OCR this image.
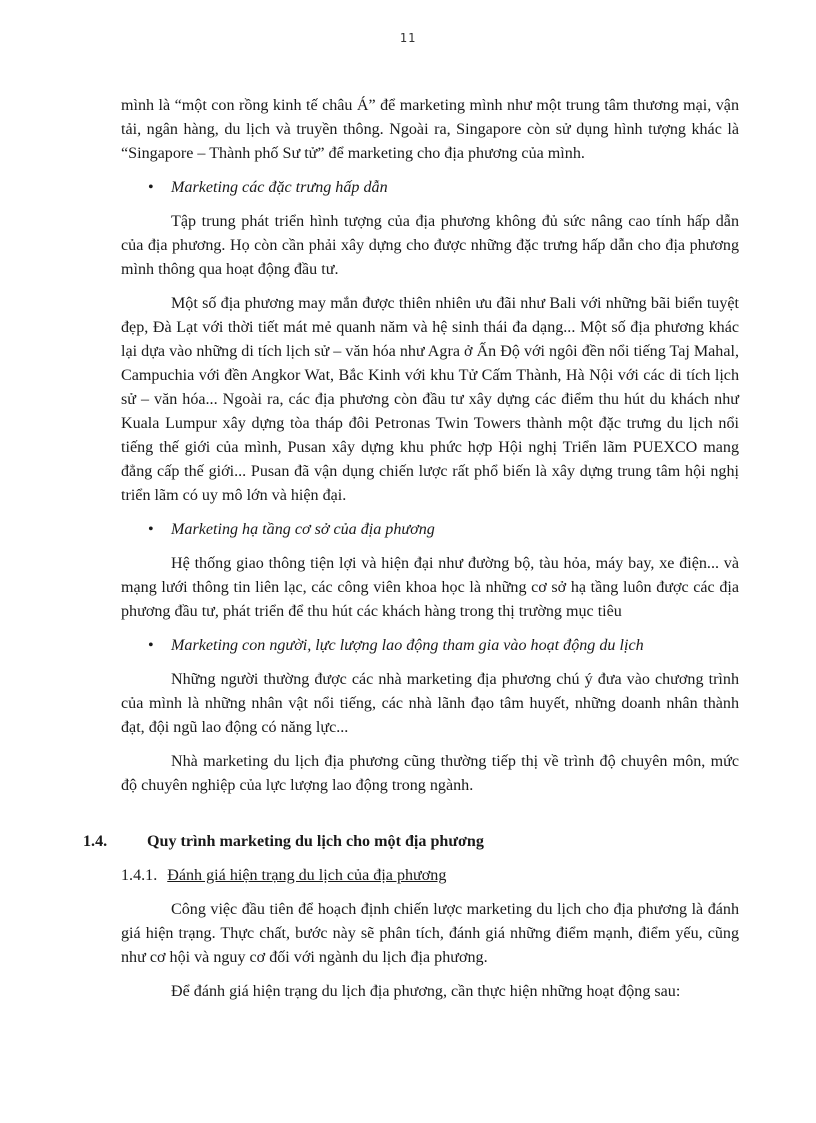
11

mình là “một con rồng kinh tế châu Á” để marketing mình như một trung tâm thương mại, vận tải, ngân hàng, du lịch và truyền thông. Ngoài ra, Singapore còn sử dụng hình tượng khác là “Singapore – Thành phố Sư tử” để marketing cho địa phương của mình.

• Marketing các đặc trưng hấp dẫn

Tập trung phát triển hình tượng của địa phương không đủ sức nâng cao tính hấp dẫn của địa phương. Họ còn cần phải xây dựng cho được những đặc trưng hấp dẫn cho địa phương mình thông qua hoạt động đầu tư.

Một số địa phương may mắn được thiên nhiên ưu đãi như Bali với những bãi biển tuyệt đẹp, Đà Lạt với thời tiết mát mẻ quanh năm và hệ sinh thái đa dạng... Một số địa phương khác lại dựa vào những di tích lịch sử – văn hóa như Agra ở Ấn Độ với ngôi đền nổi tiếng Taj Mahal, Campuchia với đền Angkor Wat, Bắc Kinh với khu Tử Cấm Thành, Hà Nội với các di tích lịch sử – văn hóa... Ngoài ra, các địa phương còn đầu tư xây dựng các điểm thu hút du khách như Kuala Lumpur xây dựng tòa tháp đôi Petronas Twin Towers thành một đặc trưng du lịch nổi tiếng thế giới của mình, Pusan xây dựng khu phức hợp Hội nghị Triển lãm PUEXCO mang đẳng cấp thế giới... Pusan đã vận dụng chiến lược rất phổ biến là xây dựng trung tâm hội nghị triển lãm có uy mô lớn và hiện đại.

• Marketing hạ tầng cơ sở của địa phương

Hệ thống giao thông tiện lợi và hiện đại như đường bộ, tàu hỏa, máy bay, xe điện... và mạng lưới thông tin liên lạc, các công viên khoa học là những cơ sở hạ tầng luôn được các địa phương đầu tư, phát triển để thu hút các khách hàng trong thị trường mục tiêu

• Marketing con người, lực lượng lao động tham gia vào hoạt động du lịch

Những người thường được các nhà marketing địa phương chú ý đưa vào chương trình của mình là những nhân vật nổi tiếng, các nhà lãnh đạo tâm huyết, những doanh nhân thành đạt, đội ngũ lao động có năng lực...

Nhà marketing du lịch địa phương cũng thường tiếp thị về trình độ chuyên môn, mức độ chuyên nghiệp của lực lượng lao động trong ngành.

1.4.	Quy trình marketing du lịch cho một địa phương
1.4.1. Đánh giá hiện trạng du lịch của địa phương

Công việc đầu tiên để hoạch định chiến lược marketing du lịch cho địa phương là đánh giá hiện trạng. Thực chất, bước này sẽ phân tích, đánh giá những điểm mạnh, điểm yếu, cũng như cơ hội và nguy cơ đối với ngành du lịch địa phương.

Để đánh giá hiện trạng du lịch địa phương, cần thực hiện những hoạt động sau:
